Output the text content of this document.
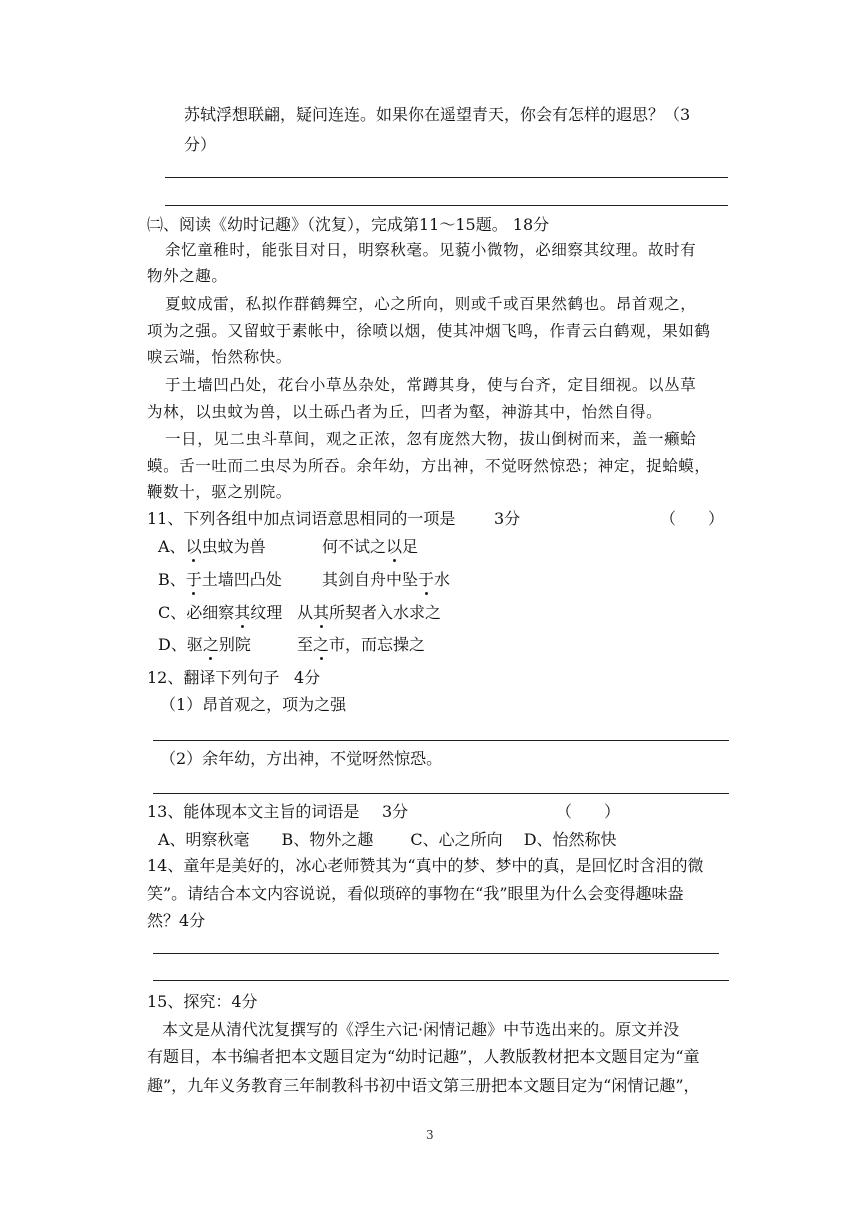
苏轼浮想联翩，疑问连连。如果你在遥望青天，你会有怎样的遐思？（3
分）
㈡、阅读《幼时记趣》（沈复），完成第11～15题。 18分
余忆童稚时，能张目对日，明察秋毫。见藐小微物，必细察其纹理。故时有
物外之趣。
夏蚊成雷，私拟作群鹤舞空，心之所向，则或千或百果然鹤也。昂首观之，
项为之强。又留蚊于素帐中，徐喷以烟，使其冲烟飞鸣，作青云白鹤观，果如鹤
唳云端，怡然称快。
于土墙凹凸处，花台小草丛杂处，常蹲其身，使与台齐，定目细视。以丛草
为林，以虫蚊为兽，以土砾凸者为丘，凹者为壑，神游其中，怡然自得。
一日，见二虫斗草间，观之正浓，忽有庞然大物，拔山倒树而来，盖一癞蛤
蟆。舌一吐而二虫尽为所吞。余年幼，方出神，不觉呀然惊恐；神定，捉蛤蟆，
鞭数十，驱之别院。
11、下列各组中加点词语意思相同的一项是 3分	（　　）
A、以虫蚊为兽	何不试之以足
B、于土墙凹凸处	其剑自舟中坠于水
C、必细察其纹理 从其所契者入水求之
D、驱之别院	至之市，而忘操之
12、翻译下列句子 4分
（1）昂首观之，项为之强
（2）余年幼，方出神，不觉呀然惊恐。
13、能体现本文主旨的词语是 3分	（　　）
A、明察秋毫　　B、物外之趣　　 C、心之所向　 D、怡然称快
14、童年是美好的，冰心老师赞其为“真中的梦、梦中的真，是回忆时含泪的微
笑”。请结合本文内容说说，看似琐碎的事物在“我”眼里为什么会变得趣味盎
然？4分
15、探究：4分
本文是从清代沈复撰写的《浮生六记·闲情记趣》中节选出来的。原文并没
有题目，本书编者把本文题目定为“幼时记趣”，人教版教材把本文题目定为“童
趣”，九年义务教育三年制教科书初中语文第三册把本文题目定为“闲情记趣”，
3
